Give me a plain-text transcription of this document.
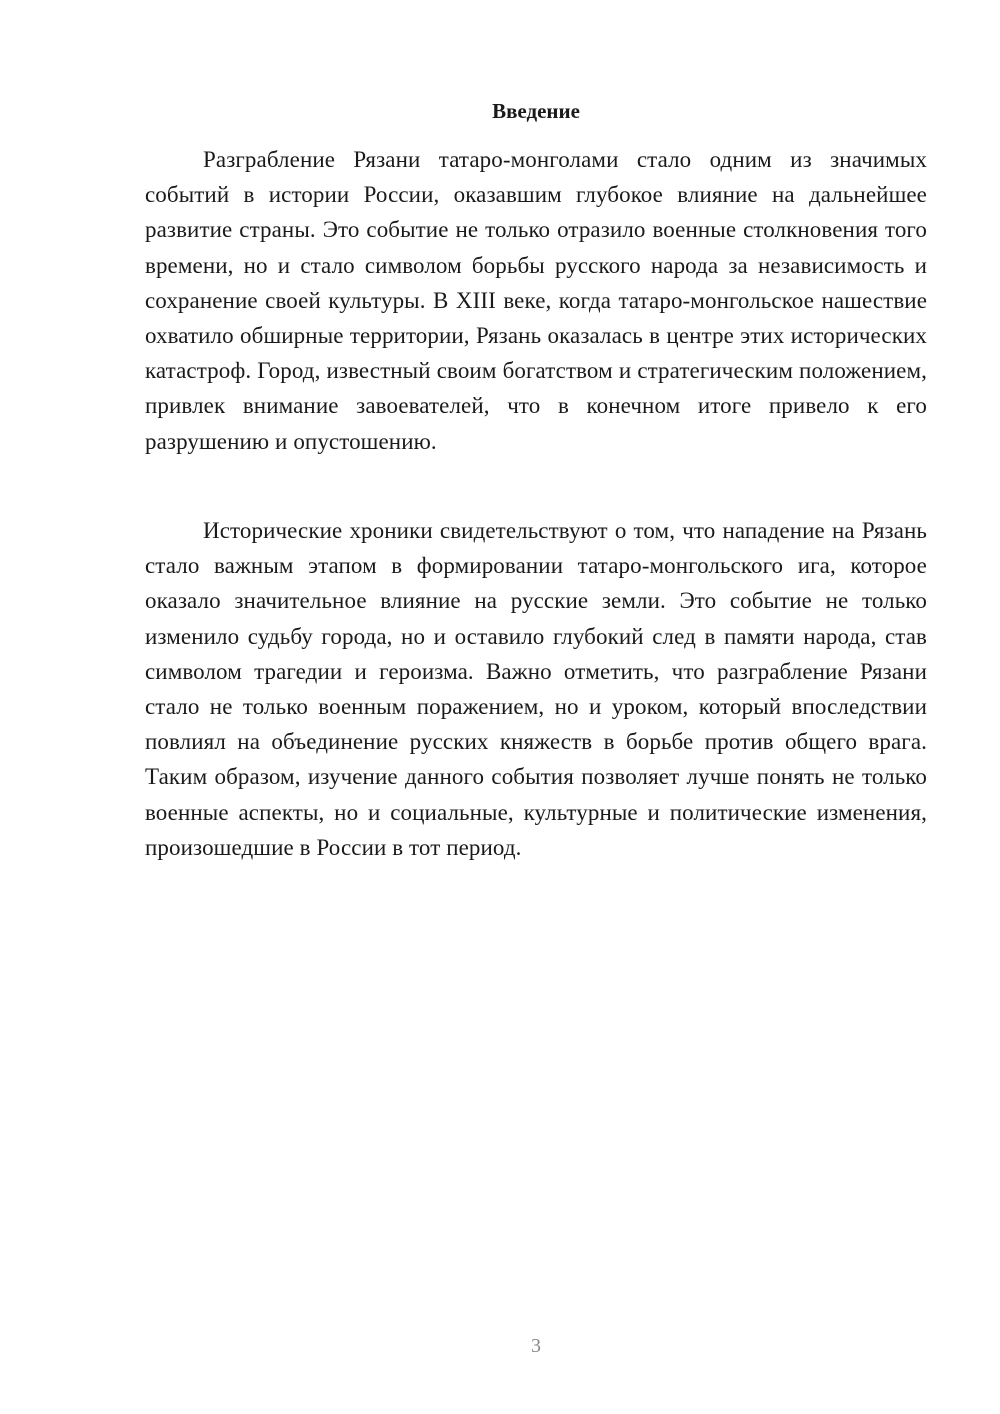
Введение

Разграбление Рязани татаро-монголами стало одним из значимых событий в истории России, оказавшим глубокое влияние на дальнейшее развитие страны. Это событие не только отразило военные столкновения того времени, но и стало символом борьбы русского народа за независимость и сохранение своей культуры. В XIII веке, когда татаро-монгольское нашествие охватило обширные территории, Рязань оказалась в центре этих исторических катастроф. Город, известный своим богатством и стратегическим положением, привлек внимание завоевателей, что в конечном итоге привело к его разрушению и опустошению.

Исторические хроники свидетельствуют о том, что нападение на Рязань стало важным этапом в формировании татаро-монгольского ига, которое оказало значительное влияние на русские земли. Это событие не только изменило судьбу города, но и оставило глубокий след в памяти народа, став символом трагедии и героизма. Важно отметить, что разграбление Рязани стало не только военным поражением, но и уроком, который впоследствии повлиял на объединение русских княжеств в борьбе против общего врага. Таким образом, изучение данного события позволяет лучше понять не только военные аспекты, но и социальные, культурные и политические изменения, произошедшие в России в тот период.

3
